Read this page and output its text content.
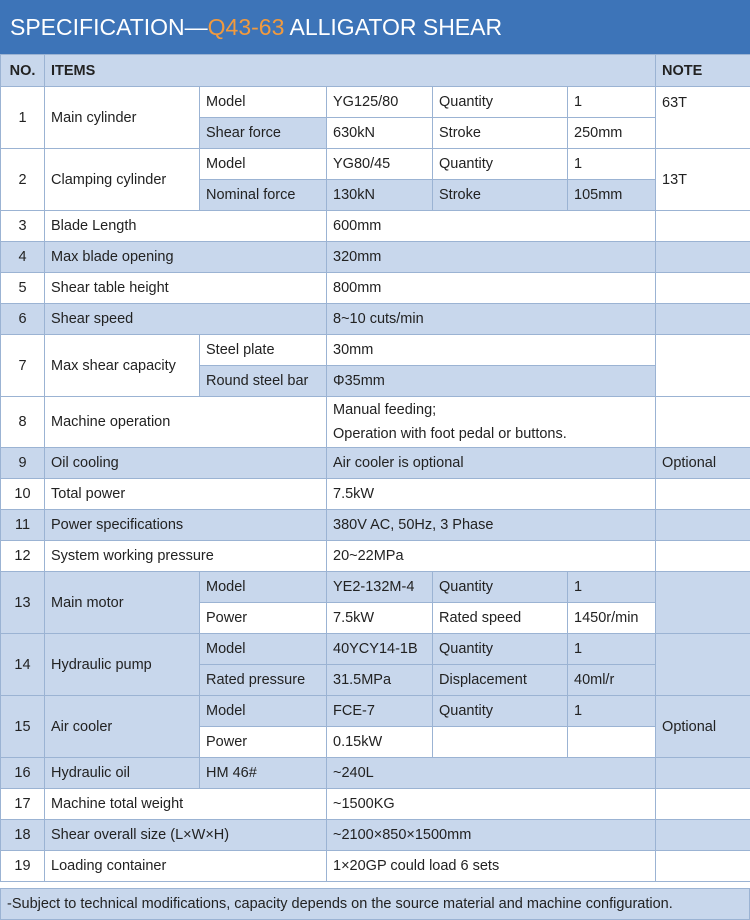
SPECIFICATION—Q43-63 ALLIGATOR SHEAR
NO.	ITEMS					NOTE
1	Main cylinder	Model	YG125/80	Quantity	1	63T
		Shear force	630kN	Stroke	250mm	
2	Clamping cylinder	Model	YG80/45	Quantity	1	13T
		Nominal force	130kN	Stroke	105mm	
3	Blade Length		600mm			
4	Max blade opening		320mm			
5	Shear table height		800mm			
6	Shear speed		8~10 cuts/min			
7	Max shear capacity	Steel plate	30mm			
		Round steel bar	Φ35mm			
8	Machine operation		Manual feeding;
Operation with foot pedal or buttons.			

9	Oil cooling		Air cooler is optional			Optional
10	Total power		7.5kW			
11	Power specifications		380V AC, 50Hz, 3 Phase			
12	System working pressure		20~22MPa			
13	Main motor	Model	YE2-132M-4	Quantity	1	
		Power	7.5kW	Rated speed	1450r/min	
14	Hydraulic pump	Model	40YCY14-1B	Quantity	1	
		Rated pressure	31.5MPa	Displacement	40ml/r	
15	Air cooler	Model	FCE-7	Quantity	1	Optional
		Power	0.15kW			
16	Hydraulic oil	HM 46#	~240L			
17	Machine total weight		~1500KG			
18	Shear overall size (L×W×H)		~2100×850×1500mm			
19	Loading container		1×20GP could load 6 sets			
-Subject to technical modifications, capacity depends on the source material and machine configuration.
